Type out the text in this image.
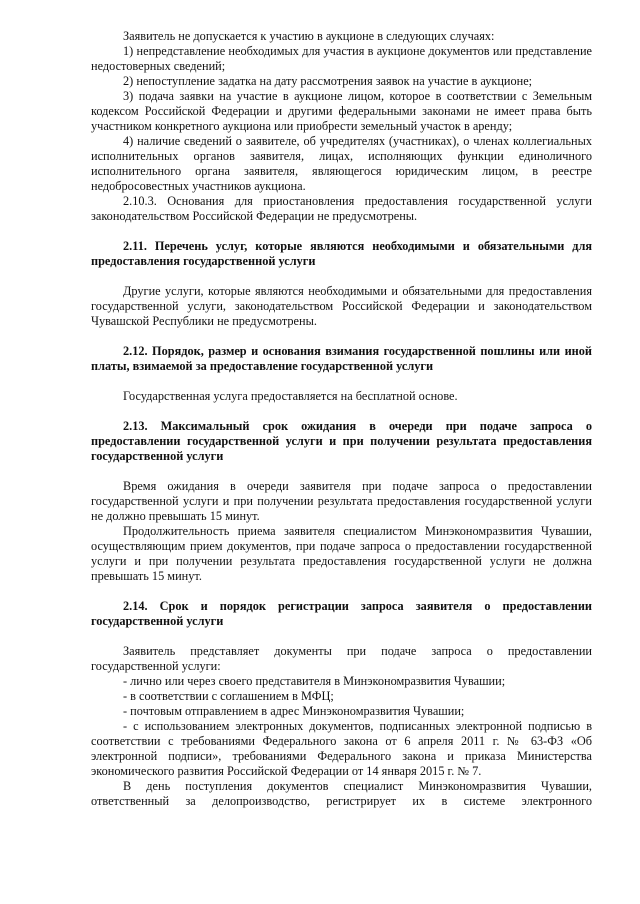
Заявитель не допускается к участию в аукционе в следующих случаях:

1) непредставление необходимых для участия в аукционе документов или представление недостоверных сведений;

2) непоступление задатка на дату рассмотрения заявок на участие в аукционе;

3) подача заявки на участие в аукционе лицом, которое в соответствии с Земельным кодексом Российской Федерации и другими федеральными законами не имеет права быть участником конкретного аукциона или приобрести земельный участок в аренду;

4) наличие сведений о заявителе, об учредителях (участниках), о членах коллегиальных исполнительных органов заявителя, лицах, исполняющих функции единоличного исполнительного органа заявителя, являющегося юридическим лицом, в реестре недобросовестных участников аукциона.

2.10.3. Основания для приостановления предоставления государственной услуги законодательством Российской Федерации не предусмотрены.

2.11. Перечень услуг, которые являются необходимыми и обязательными для предоставления государственной услуги

Другие услуги, которые являются необходимыми и обязательными для предоставления государственной услуги, законодательством Российской Федерации и законодательством Чувашской Республики не предусмотрены.

2.12. Порядок, размер и основания взимания государственной пошлины или иной платы, взимаемой за предоставление государственной услуги

Государственная услуга предоставляется на бесплатной основе.

2.13. Максимальный срок ожидания в очереди при подаче запроса о предоставлении государственной услуги и при получении результата предоставления государственной услуги

Время ожидания в очереди заявителя при подаче запроса о предоставлении государственной услуги и при получении результата предоставления государственной услуги не должно превышать 15 минут.

Продолжительность приема заявителя специалистом Минэкономразвития Чувашии, осуществляющим прием документов, при подаче запроса о предоставлении государственной услуги и при получении результата предоставления государственной услуги не должна превышать 15 минут.

2.14. Срок и порядок регистрации запроса заявителя о предоставлении государственной услуги

Заявитель представляет документы при подаче запроса о предоставлении государственной услуги:

- лично или через своего представителя в Минэкономразвития Чувашии;

- в соответствии с соглашением в МФЦ;

- почтовым отправлением в адрес Минэкономразвития Чувашии;

- с использованием электронных документов, подписанных электронной подписью в соответствии с требованиями Федерального закона от 6 апреля 2011 г. № 63-ФЗ «Об электронной подписи», требованиями Федерального закона и приказа Министерства экономического развития Российской Федерации от 14 января 2015 г. № 7.

В день поступления документов специалист Минэкономразвития Чувашии, ответственный за делопроизводство, регистрирует их в системе электронного
